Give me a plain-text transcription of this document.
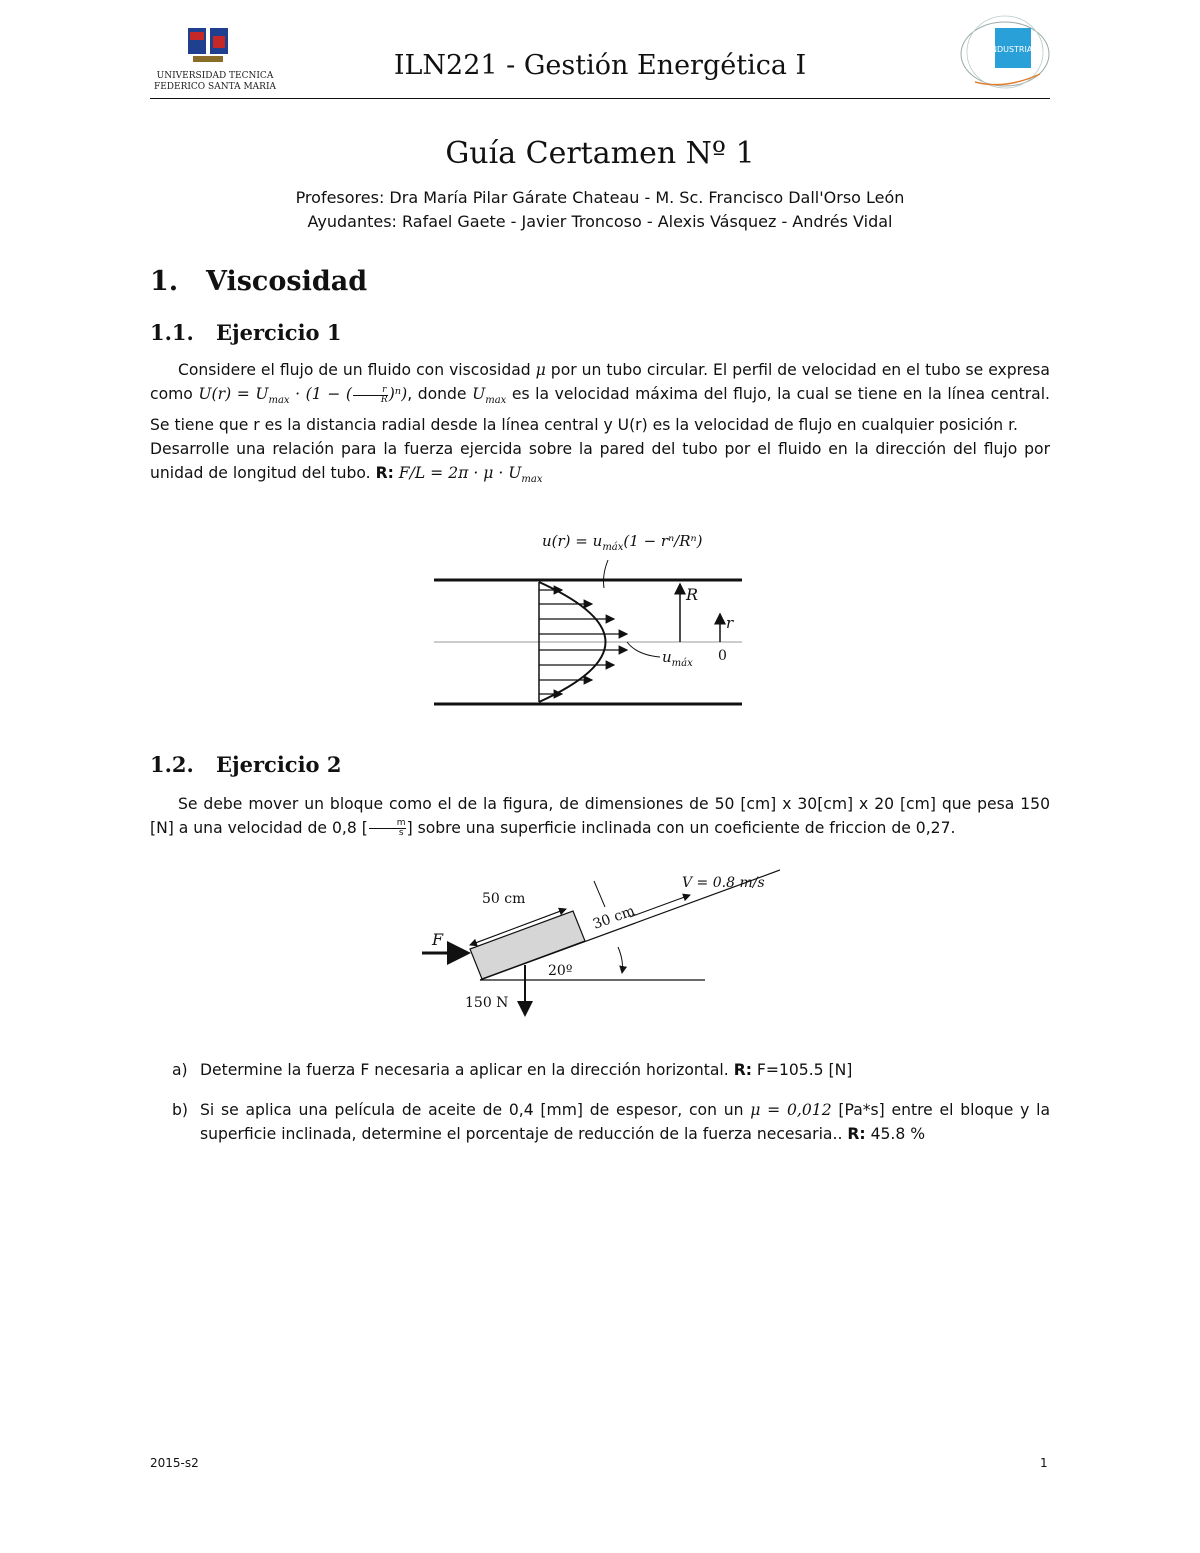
UNIVERSIDAD TECNICA
FEDERICO SANTA MARIA
ILN221 - Gestión Energética I
INDUSTRIAS
Guía Certamen Nº 1
Profesores: Dra María Pilar Gárate Chateau - M. Sc. Francisco Dall'Orso León
Ayudantes: Rafael Gaete - Javier Troncoso - Alexis Vásquez - Andrés Vidal
1. Viscosidad
1.1. Ejercicio 1

Considere el flujo de un fluido con viscosidad μ por un tubo circular. El perfil de velocidad en el tubo se expresa como $U(r) = U_{max} \cdot (1$ − ( $\frac{r}{R} )^n$), donde $U_{max}$ es la velocidad máxima del flujo, la cual se tiene en la línea central. Se tiene que r es la distancia radial desde la línea central y U(r) es la velocidad de flujo en cualquier posición r.

Desarrolle una relación para la fuerza ejercida sobre la pared del tubo por el fluido en la dirección del flujo por unidad de longitud del tubo. R: $F/L = 2\pi \cdot \mu \cdot U_{max}$

$u(r) = u_{máx}(1 - r^n/R^n)$
R
r
$u_{máx}$ 0
1.2. Ejercicio 2

Se debe mover un bloque como el de la figura, de dimensiones de 50 [cm] x 30[cm] x 20 [cm] que pesa 150 [N] a una velocidad de 0,8 [ $\frac{m}{s}$ ] sobre una superficie inclinada con un coeficiente de friccion de 0,27.

50 cm
30 cm
V = 0.8 m/s
F
20º
150 N
a) Determine la fuerza F necesaria a aplicar en la dirección horizontal. R: F=105.5 [N]
b) Si se aplica una película de aceite de 0,4 [mm] de espesor, con un μ = 0,012 [Pa*s] entre el bloque y la superficie inclinada, determine el porcentaje de reducción de la fuerza necesaria.. R: 45.8 %
2015-s2	1
